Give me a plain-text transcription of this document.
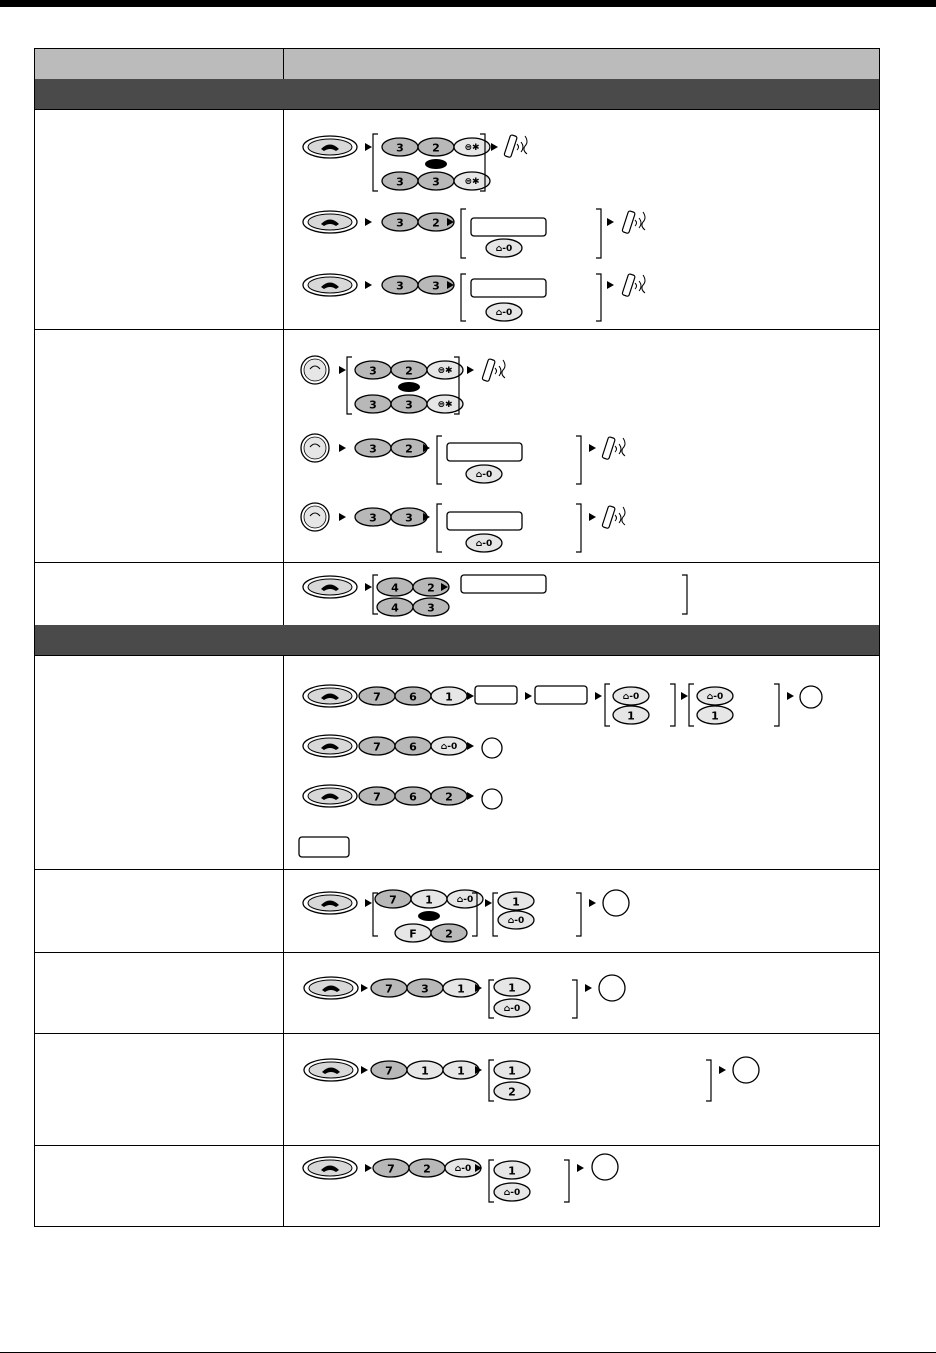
3	2	⊜✱
3	3	⊜✱
3	2
⌂-0
3	3
⌂-0
3	2	⊜✱
3	3	⊜✱
3	2
⌂-0
3	3
⌂-0
4	2
4	3
7	6	1	⌂-0
1
⌂-0
1
7	6	⌂-0
7	6	2
7	1	⌂-0
F	2
1
⌂-0
7	3	1	1
⌂-0
7	1	1	1
2
7	2	⌂-0	1
⌂-0
